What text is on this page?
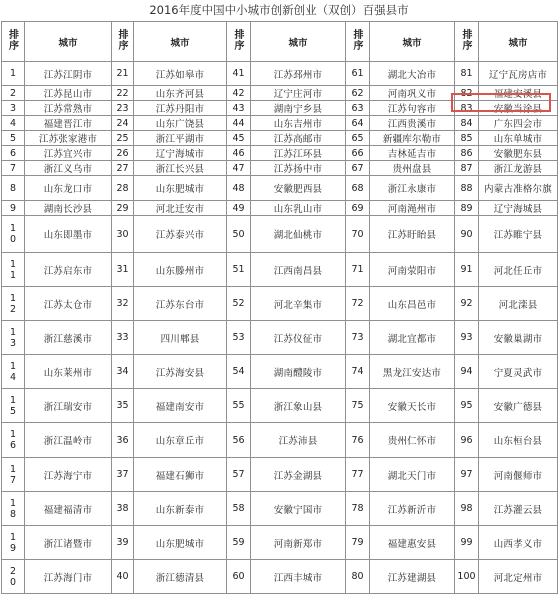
2016年度中国中小城市创新创业（双创）百强县市
排序	城市	排序	城市	排序	城市	排序	城市	排序	城市
1	江苏江阴市	21	江苏如皋市	41	江苏邳州市	61	湖北大冶市	81	辽宁瓦房店市
2	江苏昆山市	22	山东齐河县	42	辽宁庄河市	62	河南巩义市	82	福建安溪县
3	江苏常熟市	23	江苏丹阳市	43	湖南宁乡县	63	江苏句容市	83	安徽当涂县
4	福建晋江市	24	山东广饶县	44	山东吉州市	64	江西贵溪市	84	广东四会市
5	江苏张家港市	25	浙江平湖市	45	江苏高邮市	65	新疆库尔勒市	85	山东单城市
6	江苏宜兴市	26	辽宁海城市	46	江苏江环县	66	吉林延吉市	86	安徽肥东县
7	浙江义乌市	27	浙江长兴县	47	江苏扬中市	67	贵州盘县	87	浙江龙游县
8	山东龙口市	28	山东肥城市	48	安徽肥西县	68	浙江永康市	88	内蒙古准格尔旗
9	湖南长沙县	29	河北迁安市	49	山东乳山市	69	河南渑州市	89	辽宁海城县
10	山东即墨市	30	江苏泰兴市	50	湖北仙桃市	70	江苏盱眙县	90	江苏睢宁县
11	江苏启东市	31	山东滕州市	51	江西南昌县	71	河南荥阳市	91	河北任丘市
12	江苏太仓市	32	江苏东台市	52	河北辛集市	72	山东昌邑市	92	河北滦县
13	浙江慈溪市	33	四川郫县	53	江苏仪征市	73	湖北宜都市	93	安徽巢湖市
14	山东莱州市	34	江苏海安县	54	湖南醴陵市	74	黑龙江安达市	94	宁夏灵武市
15	浙江瑞安市	35	福建南安市	55	浙江象山县	75	安徽天长市	95	安徽广德县
16	浙江温岭市	36	山东章丘市	56	江苏沛县	76	贵州仁怀市	96	山东桓台县
17	江苏海宁市	37	福建石狮市	57	江苏金湖县	77	湖北天门市	97	河南偃师市
18	福建福清市	38	山东新泰市	58	安徽宁国市	78	江苏新沂市	98	江苏灌云县
19	浙江诸暨市	39	山东肥城市	59	河南新郑市	79	福建惠安县	99	山西孝义市
20	江苏海门市	40	浙江德清县	60	江西丰城市	80	江苏建湖县	100	河北定州市
